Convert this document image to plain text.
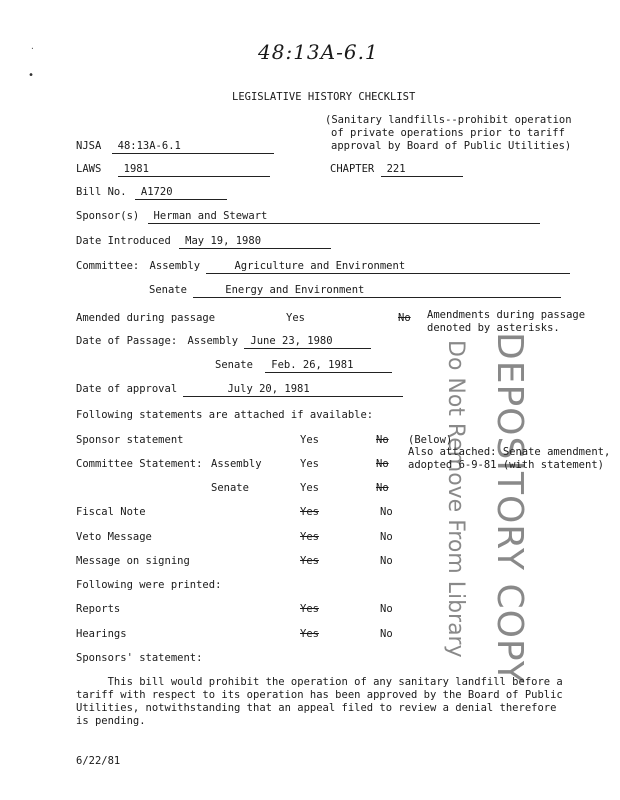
48:13A-6.1
LEGISLATIVE HISTORY CHECKLIST
(Sanitary landfills--prohibit operation
of private operations prior to tariff
approval by Board of Public Utilities)
NJSA 48:13A-6.1
LAWS 1981	CHAPTER 221
Bill No. A1720
Sponsor(s) Herman and Stewart
Date Introduced May 19, 1980
Committee: Assembly	Agriculture and Environment
Senate	Energy and Environment
Amended during passage	Yes	No Amendments during passage
denoted by asterisks.
Date of Passage: Assembly June 23, 1980
Senate Feb. 26, 1981
Date of approval	July 20, 1981
Following statements are attached if available:
Sponsor statement	Yes	No (Below)
Committee Statement: Assembly	Yes	No
Also attached: Senate amendment,
adopted 6-9-81 (with statement)
Senate	Yes	No
Fiscal Note	Yes	No
Veto Message	Yes	No
Message on signing	Yes	No
Following were printed:
Reports	Yes	No
Hearings	Yes	No
Sponsors' statement:
This bill would prohibit the operation of any sanitary landfill before a
tariff with respect to its operation has been approved by the Board of Public
Utilities, notwithstanding that an appeal filed to review a denial therefore
is pending.
6/22/81
DEPOSITORY COPY
Do Not Remove From Library
·
•
